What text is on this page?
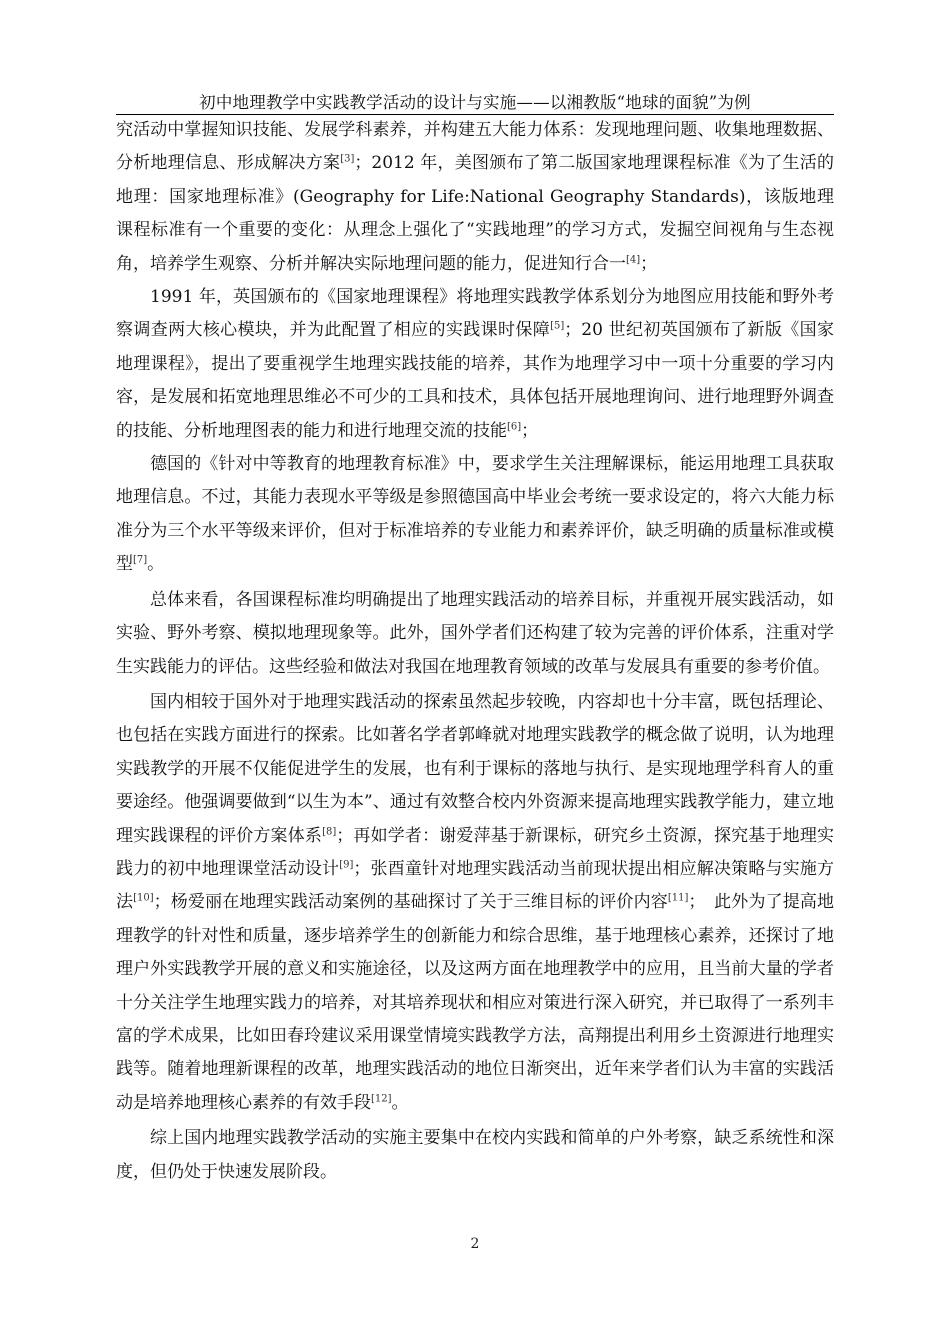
初中地理教学中实践教学活动的设计与实施——以湘教版“地球的面貌”为例

究活动中掌握知识技能、发展学科素养，并构建五大能力体系：发现地理问题、收集地理数据、分析地理信息、形成解决方案[3]；2012 年，美图颁布了第二版国家地理课程标准《为了生活的地理：国家地理标准》(Geography for Life:National Geography Standards)，该版地理课程标准有一个重要的变化：从理念上强化了“实践地理”的学习方式，发掘空间视角与生态视角，培养学生观察、分析并解决实际地理问题的能力，促进知行合一[4]；

1991 年，英国颁布的《国家地理课程》将地理实践教学体系划分为地图应用技能和野外考察调查两大核心模块，并为此配置了相应的实践课时保障[5]；20 世纪初英国颁布了新版《国家地理课程》，提出了要重视学生地理实践技能的培养，其作为地理学习中一项十分重要的学习内容，是发展和拓宽地理思维必不可少的工具和技术，具体包括开展地理询问、进行地理野外调查的技能、分析地理图表的能力和进行地理交流的技能[6]；

德国的《针对中等教育的地理教育标准》中，要求学生关注理解课标，能运用地理工具获取地理信息。不过，其能力表现水平等级是参照德国高中毕业会考统一要求设定的，将六大能力标准分为三个水平等级来评价，但对于标准培养的专业能力和素养评价，缺乏明确的质量标准或模型[7]。

总体来看，各国课程标准均明确提出了地理实践活动的培养目标，并重视开展实践活动，如实验、野外考察、模拟地理现象等。此外，国外学者们还构建了较为完善的评价体系，注重对学生实践能力的评估。这些经验和做法对我国在地理教育领域的改革与发展具有重要的参考价值。

国内相较于国外对于地理实践活动的探索虽然起步较晚，内容却也十分丰富，既包括理论、也包括在实践方面进行的探索。比如著名学者郭峰就对地理实践教学的概念做了说明，认为地理实践教学的开展不仅能促进学生的发展，也有利于课标的落地与执行、是实现地理学科育人的重要途经。他强调要做到“以生为本”、通过有效整合校内外资源来提高地理实践教学能力，建立地理实践课程的评价方案体系[8]；再如学者：谢爱萍基于新课标，研究乡土资源，探究基于地理实践力的初中地理课堂活动设计[9]；张酉童针对地理实践活动当前现状提出相应解决策略与实施方法[10]；杨爱丽在地理实践活动案例的基础探讨了关于三维目标的评价内容[11]；　此外为了提高地理教学的针对性和质量，逐步培养学生的创新能力和综合思维，基于地理核心素养，还探讨了地理户外实践教学开展的意义和实施途径，以及这两方面在地理教学中的应用，且当前大量的学者十分关注学生地理实践力的培养，对其培养现状和相应对策进行深入研究，并已取得了一系列丰富的学术成果，比如田春玲建议采用课堂情境实践教学方法，高翔提出利用乡土资源进行地理实践等。随着地理新课程的改革，地理实践活动的地位日渐突出，近年来学者们认为丰富的实践活动是培养地理核心素养的有效手段[12]。

综上国内地理实践教学活动的实施主要集中在校内实践和简单的户外考察，缺乏系统性和深度，但仍处于快速发展阶段。

2
